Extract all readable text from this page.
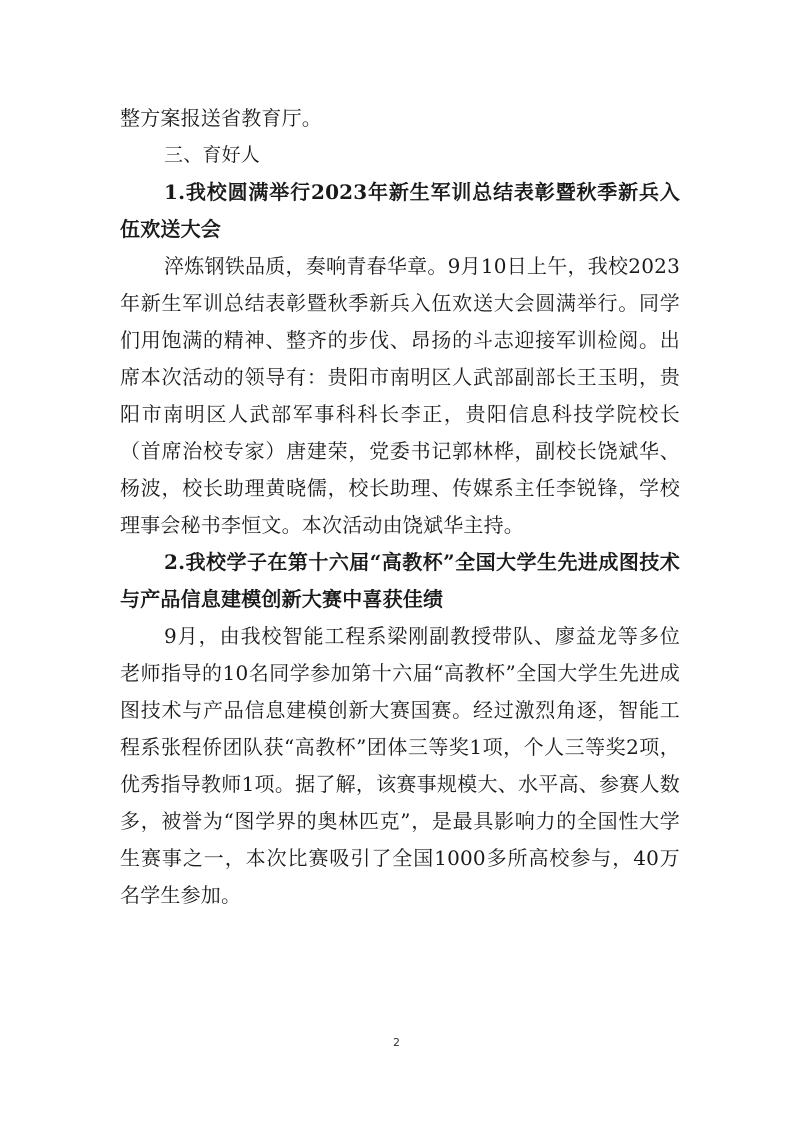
整方案报送省教育厅。

三、育好人

1.我校圆满举行2023年新生军训总结表彰暨秋季新兵入伍欢送大会

淬炼钢铁品质，奏响青春华章。9月10日上午，我校2023年新生军训总结表彰暨秋季新兵入伍欢送大会圆满举行。同学们用饱满的精神、整齐的步伐、昂扬的斗志迎接军训检阅。出席本次活动的领导有：贵阳市南明区人武部副部长王玉明，贵阳市南明区人武部军事科科长李正，贵阳信息科技学院校长（首席治校专家）唐建荣，党委书记郭林桦，副校长饶斌华、杨波，校长助理黄晓儒，校长助理、传媒系主任李锐锋，学校理事会秘书李恒文。本次活动由饶斌华主持。

2.我校学子在第十六届“高教杯”全国大学生先进成图技术与产品信息建模创新大赛中喜获佳绩

9月，由我校智能工程系梁刚副教授带队、廖益龙等多位老师指导的10名同学参加第十六届“高教杯”全国大学生先进成图技术与产品信息建模创新大赛国赛。经过激烈角逐，智能工程系张程侨团队获“高教杯”团体三等奖1项，个人三等奖2项，优秀指导教师1项。据了解，该赛事规模大、水平高、参赛人数多，被誉为“图学界的奥林匹克”，是最具影响力的全国性大学生赛事之一，本次比赛吸引了全国1000多所高校参与，40万名学生参加。

2
